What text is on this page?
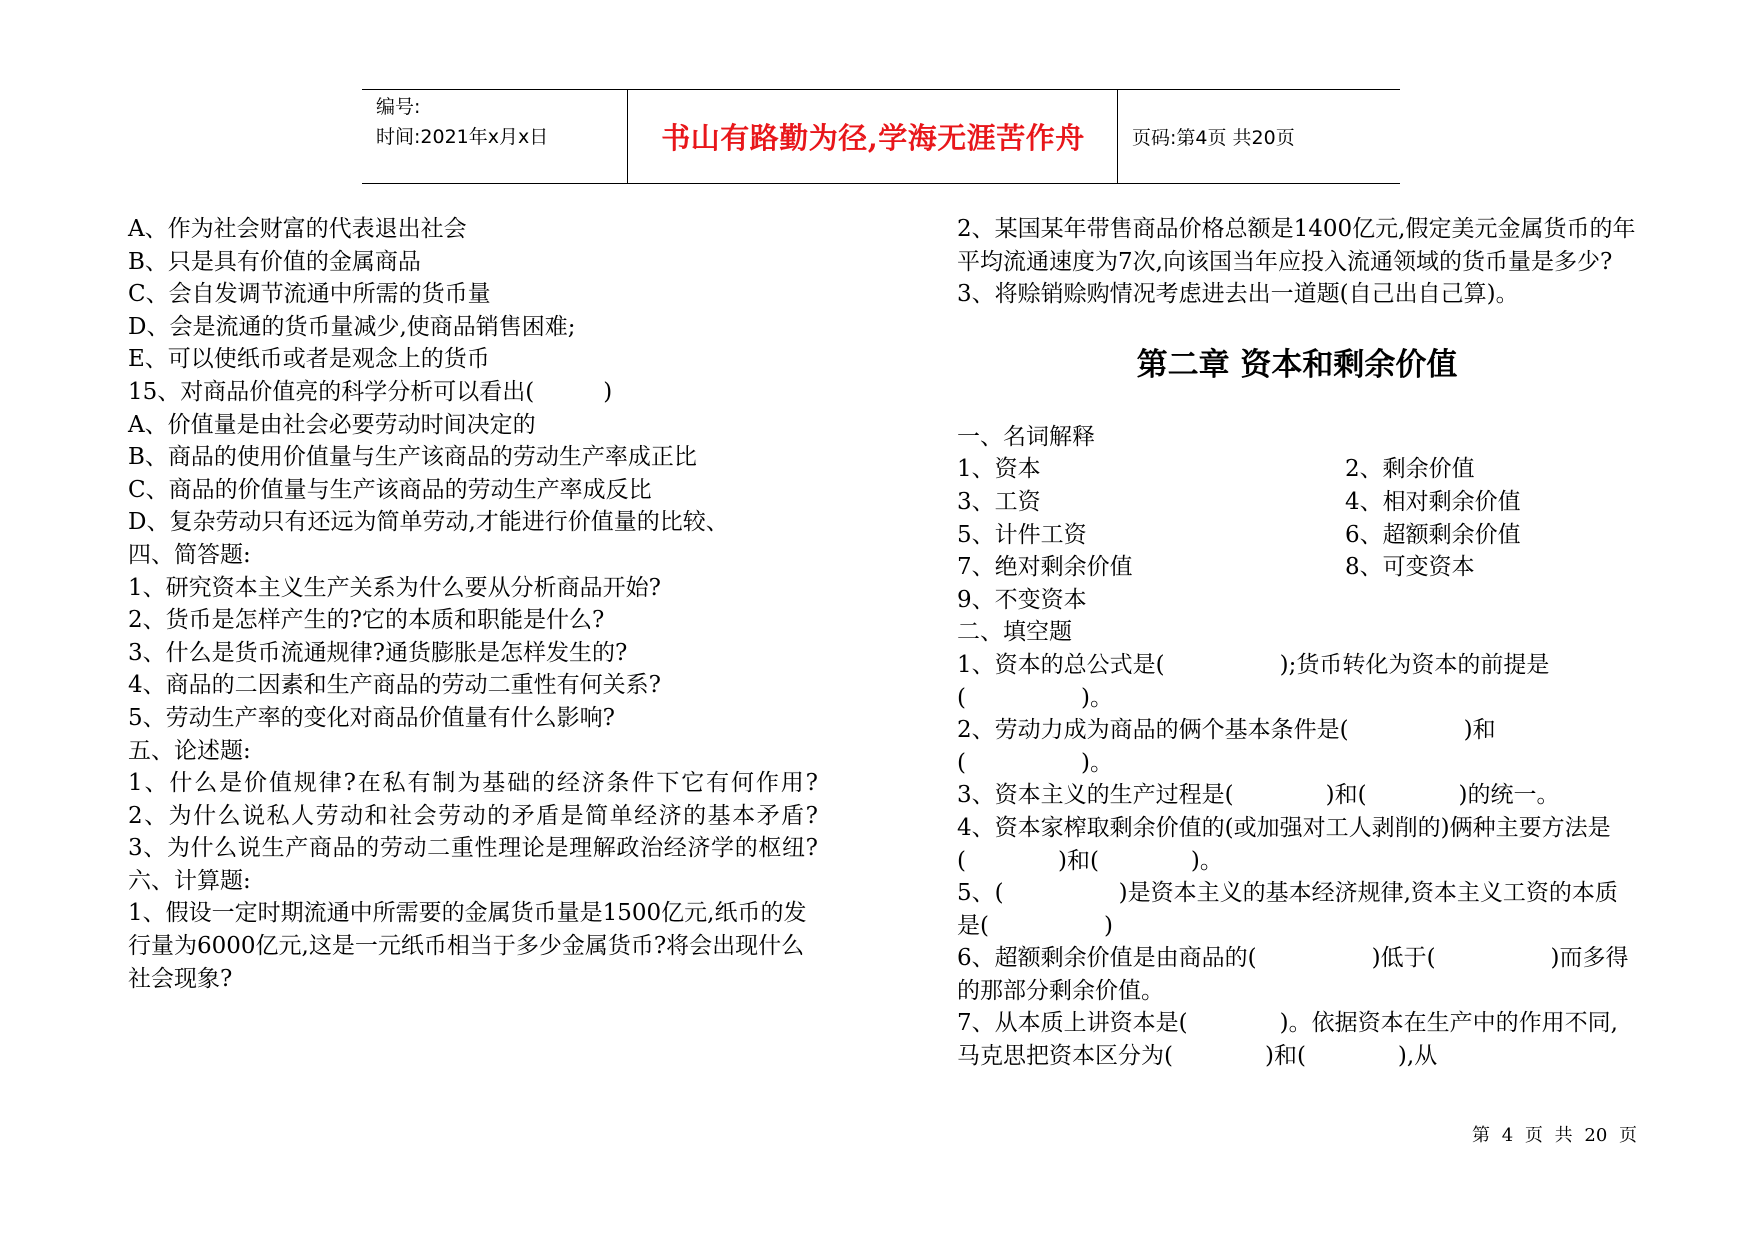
编号:
时间:2021年x月x日	书山有路勤为径,学海无涯苦作舟	页码:第4页 共20页
A、作为社会财富的代表退出社会
B、只是具有价值的金属商品
C、会自发调节流通中所需的货币量
D、会是流通的货币量减少,使商品销售困难;
E、可以使纸币或者是观念上的货币
15、对商品价值亮的科学分析可以看出(　　　)
A、价值量是由社会必要劳动时间决定的
B、商品的使用价值量与生产该商品的劳动生产率成正比
C、商品的价值量与生产该商品的劳动生产率成反比
D、复杂劳动只有还远为简单劳动,才能进行价值量的比较、
四、简答题:
1、研究资本主义生产关系为什么要从分析商品开始?
2、货币是怎样产生的?它的本质和职能是什么?
3、什么是货币流通规律?通货膨胀是怎样发生的?
4、商品的二因素和生产商品的劳动二重性有何关系?
5、劳动生产率的变化对商品价值量有什么影响?
五、论述题:
1、什么是价值规律?在私有制为基础的经济条件下它有何作用?
2、为什么说私人劳动和社会劳动的矛盾是简单经济的基本矛盾?
3、为什么说生产商品的劳动二重性理论是理解政治经济学的枢纽?
六、计算题:
1、假设一定时期流通中所需要的金属货币量是1500亿元,纸币的发行量为6000亿元,这是一元纸币相当于多少金属货币?将会出现什么社会现象?
2、某国某年带售商品价格总额是1400亿元,假定美元金属货币的年平均流通速度为7次,向该国当年应投入流通领域的货币量是多少?
3、将赊销赊购情况考虑进去出一道题(自己出自己算)。
第二章 资本和剩余价值
一、名词解释
1、资本	2、剩余价值
3、工资	4、相对剩余价值
5、计件工资	6、超额剩余价值
7、绝对剩余价值	8、可变资本
9、不变资本
二、填空题
1、资本的总公式是(　　　　　);货币转化为资本的前提是(　　　　　)。
2、劳动力成为商品的俩个基本条件是(　　　　　)和(　　　　　)。
3、资本主义的生产过程是(　　　　)和(　　　　)的统一。
4、资本家榨取剩余价值的(或加强对工人剥削的)俩种主要方法是(　　　　)和(　　　　)。
5、(　　　　　)是资本主义的基本经济规律,资本主义工资的本质是(　　　　　)
6、超额剩余价值是由商品的(　　　　　)低于(　　　　　)而多得的那部分剩余价值。
7、从本质上讲资本是(　　　　)。依据资本在生产中的作用不同,马克思把资本区分为(　　　　)和(　　　　),从
第 4 页 共 20 页
